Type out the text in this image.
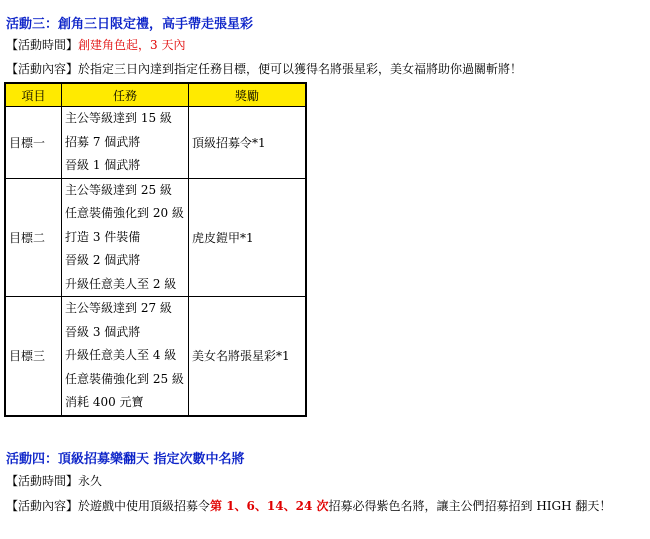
活動三：創角三日限定禮，高手帶走張星彩
【活動時間】創建角色起，3 天內
【活動內容】於指定三日內達到指定任務目標，便可以獲得名將張星彩，美女福將助你過關斬將！
項目	任務	獎勵
目標一	主公等級達到 15 級
招募 7 個武將
晉級 1 個武將	頂級招募令*1
目標二	主公等級達到 25 級
任意裝備強化到 20 級
打造 3 件裝備
晉級 2 個武將
升級任意美人至 2 級	虎皮鎧甲*1
目標三	主公等級達到 27 級
晉級 3 個武將
升級任意美人至 4 級
任意裝備強化到 25 級
消耗 400 元寶	美女名將張星彩*1
活動四：頂級招募樂翻天 指定次數中名將
【活動時間】永久
【活動內容】於遊戲中使用頂級招募令第 1、6、14、24 次招募必得紫色名將，讓主公們招募招到 HIGH 翻天！
